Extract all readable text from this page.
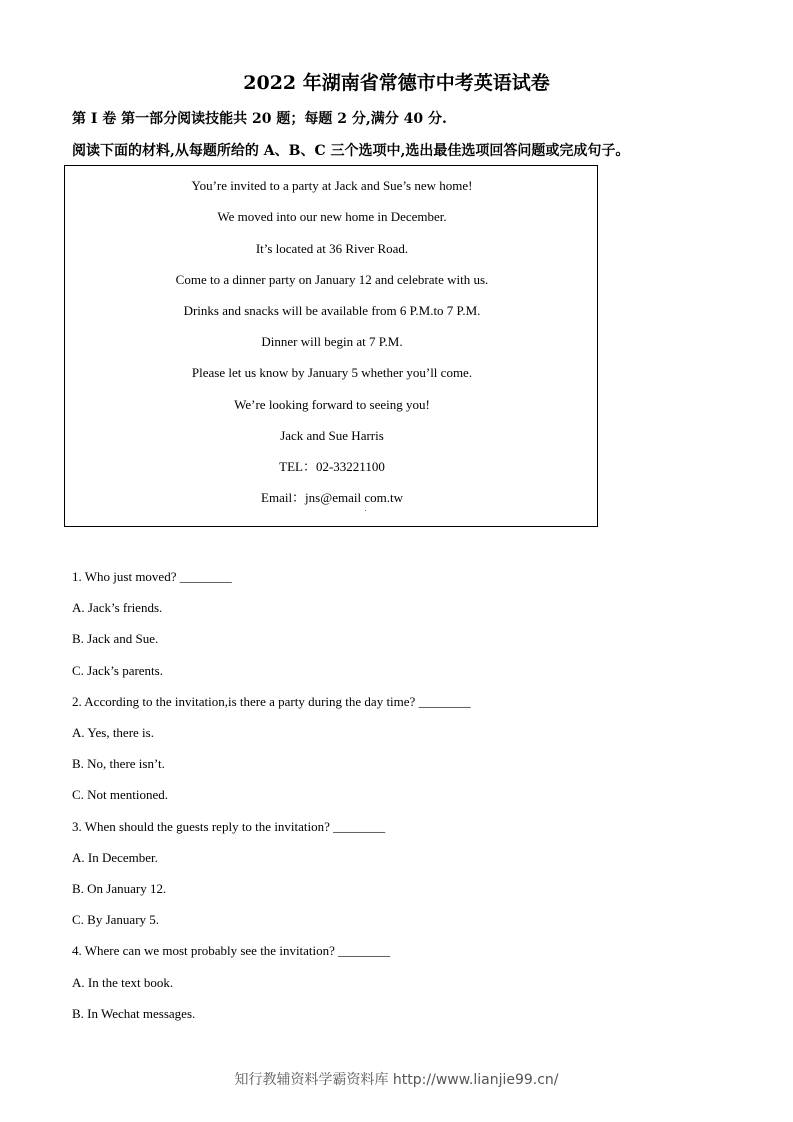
2022 年湖南省常德市中考英语试卷
第 I 卷 第一部分阅读技能共 20 题；每题 2 分,满分 40 分.
阅读下面的材料,从每题所给的 A、B、C 三个选项中,选出最佳选项回答问题或完成句子。
You’re invited to a party at Jack and Sue’s new home!
We moved into our new home in December.
It’s located at 36 River Road.
Come to a dinner party on January 12 and celebrate with us.
Drinks and snacks will be available from 6 P.M.to 7 P.M.
Dinner will begin at 7 P.M.
Please let us know by January 5 whether you’ll come.
We’re looking forward to seeing you!
Jack and Sue Harris
TEL：02-33221100
Email：jns@email com.tw
1. Who just moved? ________
A. Jack’s friends.
B. Jack and Sue.
C. Jack’s parents.
2. According to the invitation,is there a party during the day time? ________
A. Yes, there is.
B. No, there isn’t.
C. Not mentioned.
3. When should the guests reply to the invitation? ________
A. In December.
B. On January 12.
C. By January 5.
4. Where can we most probably see the invitation? ________
A. In the text book.
B. In Wechat messages.
知行教辅资料学霸资料库 http://www.lianjie99.cn/
